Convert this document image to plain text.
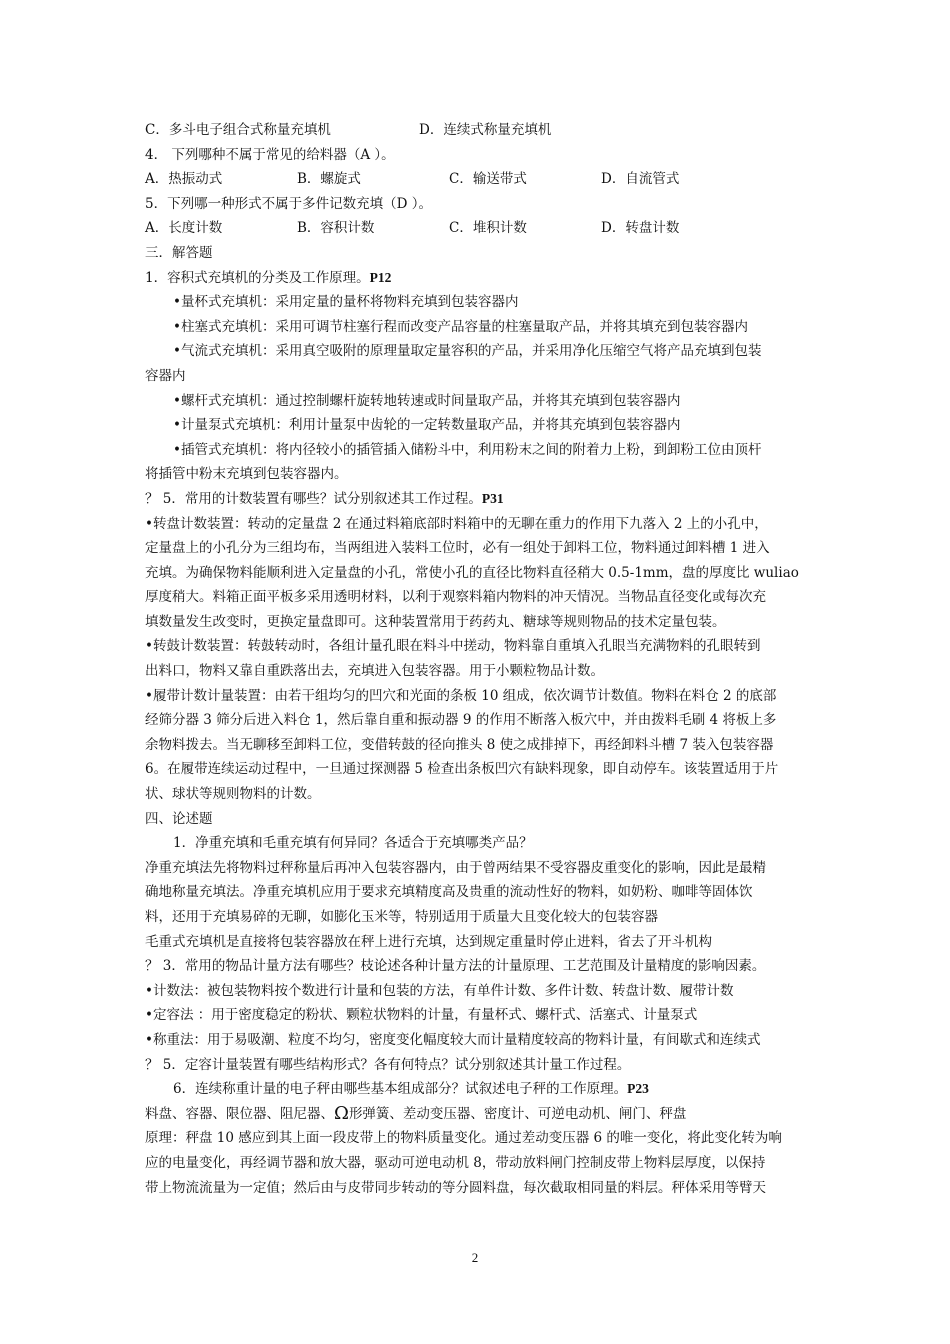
C．多斗电子组合式称量充填机	D．连续式称量充填机
4． 下列哪种不属于常见的给料器（A ）。
A．热振动式	B．螺旋式	C．输送带式	D．自流管式
5．下列哪一种形式不属于多件记数充填（D ）。
A．长度计数	B．容积计数	C．堆积计数	D．转盘计数
三．解答题
1．容积式充填机的分类及工作原理。P12
•量杯式充填机：采用定量的量杯将物料充填到包装容器内
•柱塞式充填机：采用可调节柱塞行程而改变产品容量的柱塞量取产品，并将其填充到包装容器内
•气流式充填机：采用真空吸附的原理量取定量容积的产品，并采用净化压缩空气将产品充填到包装
容器内
•螺杆式充填机：通过控制螺杆旋转地转速或时间量取产品，并将其充填到包装容器内
•计量泵式充填机：利用计量泵中齿轮的一定转数量取产品，并将其充填到包装容器内
•插管式充填机：将内径较小的插管插入储粉斗中，利用粉末之间的附着力上粉，到卸粉工位由顶杆
将插管中粉末充填到包装容器内。
？ 5．常用的计数装置有哪些？试分别叙述其工作过程。P31
•转盘计数装置：转动的定量盘 2 在通过料箱底部时料箱中的无聊在重力的作用下九落入 2 上的小孔中，
定量盘上的小孔分为三组均布，当两组进入装料工位时，必有一组处于卸料工位，物料通过卸料槽 1 进入
充填。为确保物料能顺利进入定量盘的小孔，常使小孔的直径比物料直径稍大 0.5-1mm，盘的厚度比 wuliao
厚度稍大。料箱正面平板多采用透明材料，以利于观察料箱内物料的冲天情况。当物品直径变化或每次充
填数量发生改变时，更换定量盘即可。这种装置常用于药药丸、糖球等规则物品的技术定量包装。
•转鼓计数装置：转鼓转动时，各组计量孔眼在料斗中搓动，物料靠自重填入孔眼当充满物料的孔眼转到
出料口，物料又靠自重跌落出去，充填进入包装容器。用于小颗粒物品计数。
•履带计数计量装置：由若干组均匀的凹穴和光面的条板 10 组成，依次调节计数值。物料在料仓 2 的底部
经筛分器 3 筛分后进入料仓 1，然后靠自重和振动器 9 的作用不断落入板穴中，并由拨料毛刷 4 将板上多
余物料拨去。当无聊移至卸料工位，变借转鼓的径向推头 8 使之成排掉下，再经卸料斗槽 7 装入包装容器
6。在履带连续运动过程中，一旦通过探测器 5 检查出条板凹穴有缺料现象，即自动停车。该装置适用于片
状、球状等规则物料的计数。
四、论述题
1．净重充填和毛重充填有何异同？各适合于充填哪类产品？
净重充填法先将物料过秤称量后再冲入包装容器内，由于曾两结果不受容器皮重变化的影响，因此是最精
确地称量充填法。净重充填机应用于要求充填精度高及贵重的流动性好的物料，如奶粉、咖啡等固体饮
料，还用于充填易碎的无聊，如膨化玉米等，特别适用于质量大且变化较大的包装容器
毛重式充填机是直接将包装容器放在秤上进行充填，达到规定重量时停止进料，省去了开斗机构
？ 3．常用的物品计量方法有哪些？枝论述各种计量方法的计量原理、工艺范围及计量精度的影响因素。
•计数法：被包装物料按个数进行计量和包装的方法，有单件计数、多件计数、转盘计数、履带计数
•定容法 ：用于密度稳定的粉状、颗粒状物料的计量，有量杯式、螺杆式、活塞式、计量泵式
•称重法：用于易吸潮、粒度不均匀，密度变化幅度较大而计量精度较高的物料计量，有间歇式和连续式
？ 5．定容计量装置有哪些结构形式？各有何特点？试分别叙述其计量工作过程。
6．连续称重计量的电子秤由哪些基本组成部分？试叙述电子秤的工作原理。P23
料盘、容器、限位器、阻尼器、Ω形弹簧、差动变压器、密度计、可逆电动机、闸门、秤盘
原理：秤盘 10 感应到其上面一段皮带上的物料质量变化。通过差动变压器 6 的唯一变化，将此变化转为响
应的电量变化，再经调节器和放大器，驱动可逆电动机 8，带动放料闸门控制皮带上物料层厚度，以保持
带上物流流量为一定值；然后由与皮带同步转动的等分圆料盘，每次截取相同量的料层。秤体采用等臂天
2
